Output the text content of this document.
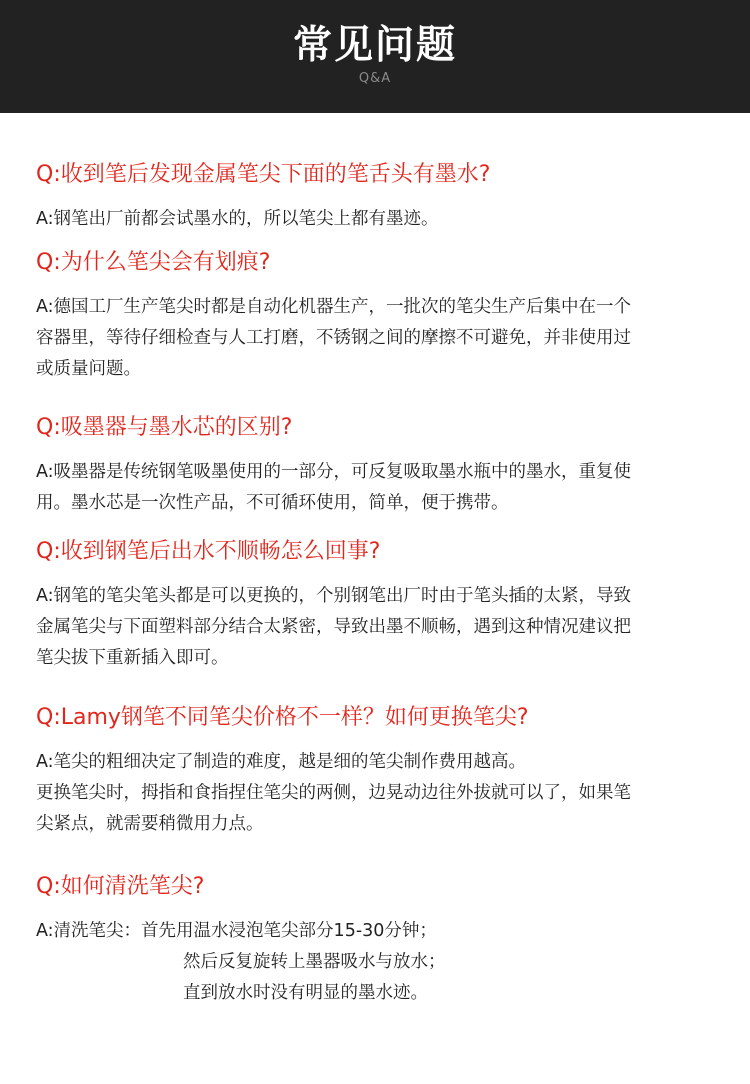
常见问题
Q&A

Q:收到笔后发现金属笔尖下面的笔舌头有墨水?

A:钢笔出厂前都会试墨水的，所以笔尖上都有墨迹。

Q:为什么笔尖会有划痕?

A:德国工厂生产笔尖时都是自动化机器生产，一批次的笔尖生产后集中在一个
容器里，等待仔细检查与人工打磨，不锈钢之间的摩擦不可避免，并非使用过
或质量问题。

Q:吸墨器与墨水芯的区别?

A:吸墨器是传统钢笔吸墨使用的一部分，可反复吸取墨水瓶中的墨水，重复使
用。墨水芯是一次性产品，不可循环使用，简单，便于携带。

Q:收到钢笔后出水不顺畅怎么回事?

A:钢笔的笔尖笔头都是可以更换的，个别钢笔出厂时由于笔头插的太紧，导致
金属笔尖与下面塑料部分结合太紧密，导致出墨不顺畅，遇到这种情况建议把
笔尖拔下重新插入即可。

Q:Lamy钢笔不同笔尖价格不一样？如何更换笔尖?

A:笔尖的粗细决定了制造的难度，越是细的笔尖制作费用越高。
更换笔尖时，拇指和食指捏住笔尖的两侧，边晃动边往外拔就可以了，如果笔
尖紧点，就需要稍微用力点。

Q:如何清洗笔尖?

A:清洗笔尖：首先用温水浸泡笔尖部分15-30分钟；
然后反复旋转上墨器吸水与放水；
直到放水时没有明显的墨水迹。
